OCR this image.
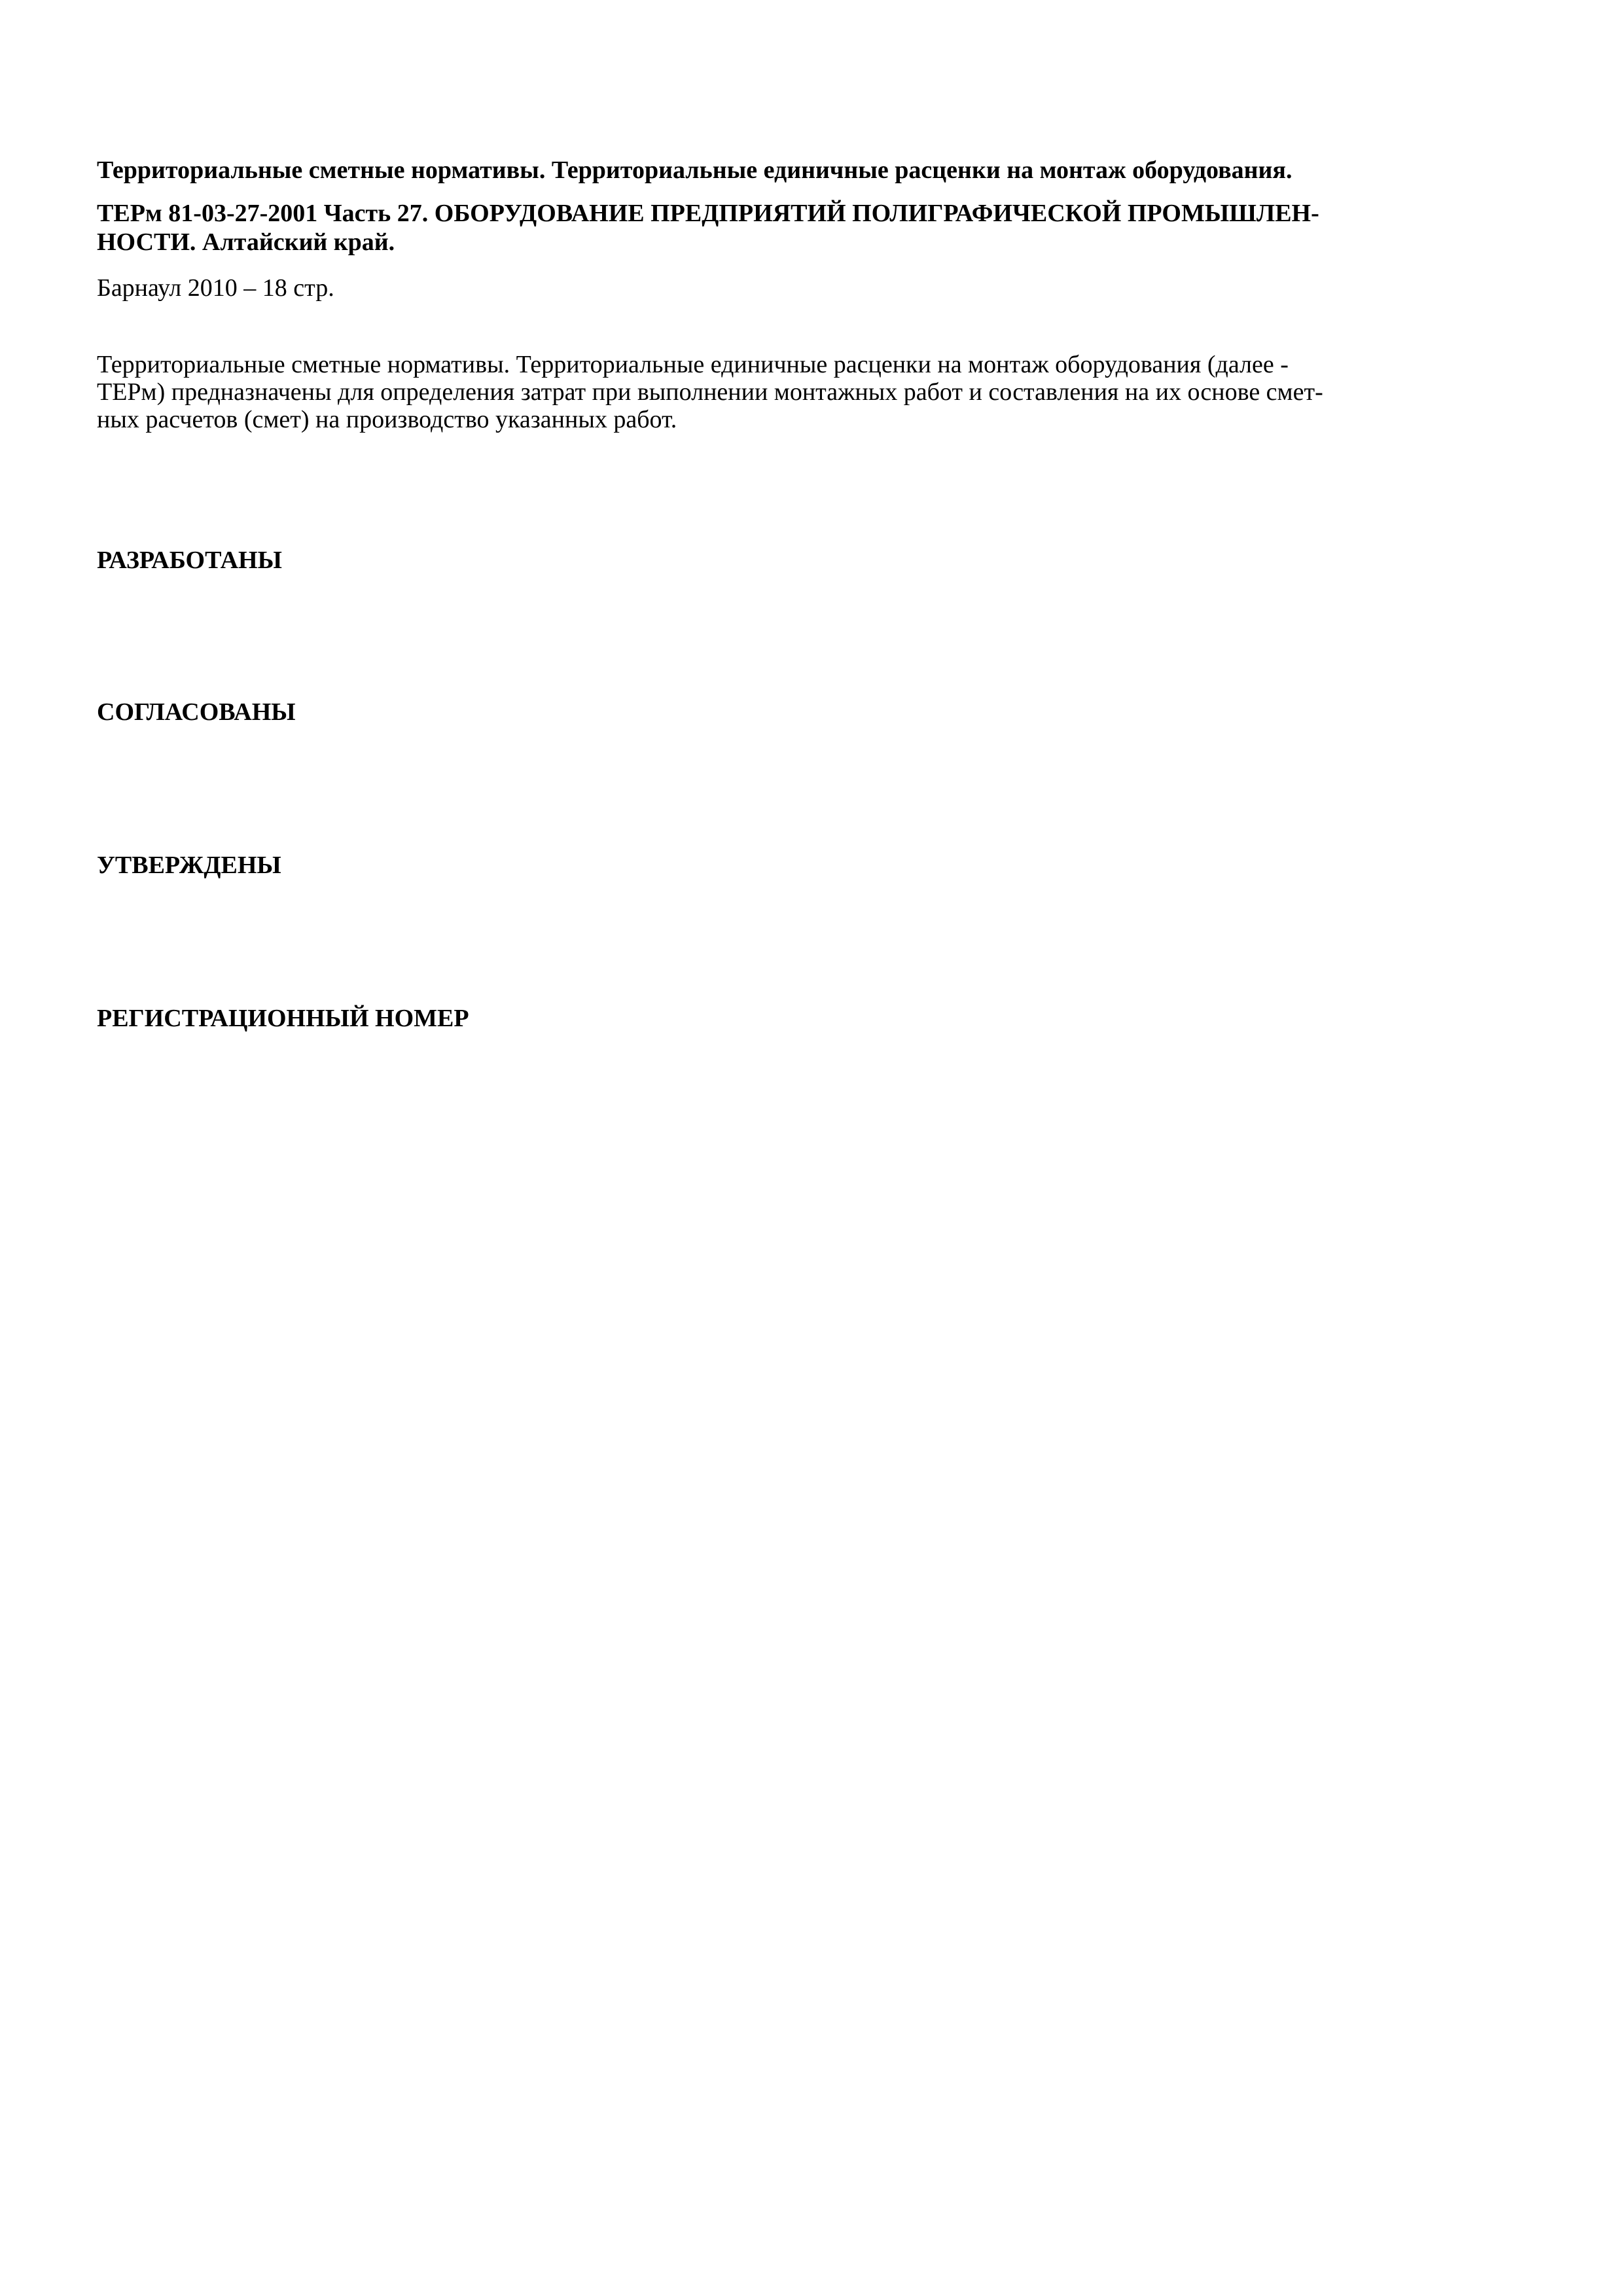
Территориальные сметные нормативы. Территориальные единичные расценки на монтаж оборудования.

ТЕРм 81-03-27-2001 Часть 27. ОБОРУДОВАНИЕ ПРЕДПРИЯТИЙ ПОЛИГРАФИЧЕСКОЙ ПРОМЫШЛЕН-
НОСТИ. Алтайский край.

Барнаул 2010 – 18 стр.

Территориальные сметные нормативы. Территориальные единичные расценки на монтаж оборудования (далее -
ТЕРм) предназначены для определения затрат при выполнении монтажных работ и составления на их основе смет-
ных расчетов (смет) на производство указанных работ.

РАЗРАБОТАНЫ

СОГЛАСОВАНЫ

УТВЕРЖДЕНЫ

РЕГИСТРАЦИОННЫЙ НОМЕР
